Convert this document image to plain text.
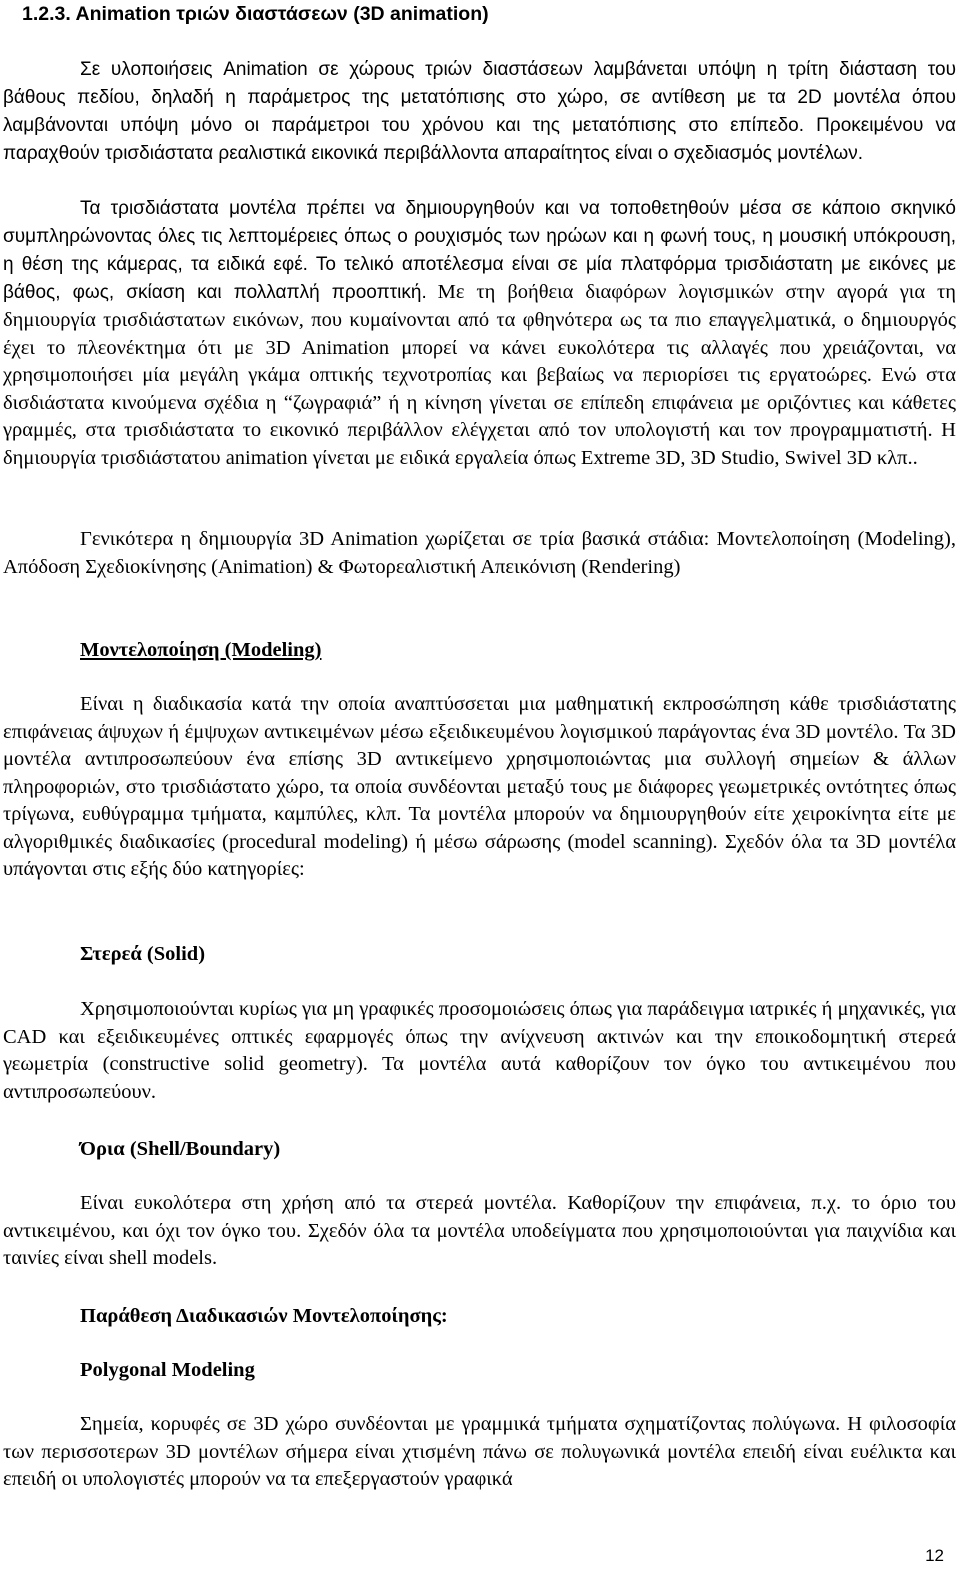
1.2.3. Animation τριών διαστάσεων (3D animation)

Σε υλοποιήσεις Animation σε χώρους τριών διαστάσεων λαμβάνεται υπόψη η τρίτη διάσταση του βάθους πεδίου, δηλαδή η παράμετρος της μετατόπισης στο χώρο, σε αντίθεση με τα 2D μοντέλα όπου λαμβάνονται υπόψη μόνο οι παράμετροι του χρόνου και της μετατόπισης στο επίπεδο. Προκειμένου να παραχθούν τρισδιάστατα ρεαλιστικά εικονικά περιβάλλοντα απαραίτητος είναι ο σχεδιασμός μοντέλων.

Τα τρισδιάστατα μοντέλα πρέπει να δημιουργηθούν και να τοποθετηθούν μέσα σε κάποιο σκηνικό συμπληρώνοντας όλες τις λεπτομέρειες όπως ο ρουχισμός των ηρώων και η φωνή τους, η μουσική υπόκρουση, η θέση της κάμερας, τα ειδικά εφέ. Το τελικό αποτέλεσμα είναι σε μία πλατφόρμα τρισδιάστατη με εικόνες με βάθος, φως, σκίαση και πολλαπλή προοπτική. Με τη βοήθεια διαφόρων λογισμικών στην αγορά για τη δημιουργία τρισδιάστατων εικόνων, που κυμαίνονται από τα φθηνότερα ως τα πιο επαγγελματικά, ο δημιουργός έχει το πλεονέκτημα ότι με 3D Animation μπορεί να κάνει ευκολότερα τις αλλαγές που χρειάζονται, να χρησιμοποιήσει μία μεγάλη γκάμα οπτικής τεχνοτροπίας και βεβαίως να περιορίσει τις εργατοώρες. Ενώ στα δισδιάστατα κινούμενα σχέδια η “ζωγραφιά” ή η κίνηση γίνεται σε επίπεδη επιφάνεια με οριζόντιες και κάθετες γραμμές, στα τρισδιάστατα το εικονικό περιβάλλον ελέγχεται από τον υπολογιστή και τον προγραμματιστή. Η δημιουργία τρισδιάστατου animation γίνεται με ειδικά εργαλεία όπως Extreme 3D, 3D Studio, Swivel 3D κλπ..

Γενικότερα η δημιουργία 3D Animation χωρίζεται σε τρία βασικά στάδια: Μοντελοποίηση (Modeling), Απόδοση Σχεδιοκίνησης (Animation) & Φωτορεαλιστική Απεικόνιση (Rendering)

Μοντελοποίηση (Modeling)

Είναι η διαδικασία κατά την οποία αναπτύσσεται μια μαθηματική εκπροσώπηση κάθε τρισδιάστατης επιφάνειας άψυχων ή έμψυχων αντικειμένων μέσω εξειδικευμένου λογισμικού παράγοντας ένα 3D μοντέλο. Τα 3D μοντέλα αντιπροσωπεύουν ένα επίσης 3D αντικείμενο χρησιμοποιώντας μια συλλογή σημείων & άλλων πληροφοριών, στο τρισδιάστατο χώρο, τα οποία συνδέονται μεταξύ τους με διάφορες γεωμετρικές οντότητες όπως τρίγωνα, ευθύγραμμα τμήματα, καμπύλες, κλπ. Τα μοντέλα μπορούν να δημιουργηθούν είτε χειροκίνητα είτε με αλγοριθμικές διαδικασίες (procedural modeling) ή μέσω σάρωσης (model scanning). Σχεδόν όλα τα 3D μοντέλα υπάγονται στις εξής δύο κατηγορίες:

Στερεά (Solid)

Χρησιμοποιούνται κυρίως για μη γραφικές προσομοιώσεις όπως για παράδειγμα ιατρικές ή μηχανικές, για CAD και εξειδικευμένες οπτικές εφαρμογές όπως την ανίχνευση ακτινών και την εποικοδομητική στερεά γεωμετρία (constructive solid geometry). Τα μοντέλα αυτά καθορίζουν τον όγκο του αντικειμένου που αντιπροσωπεύουν.

Όρια (Shell/Boundary)

Είναι ευκολότερα στη χρήση από τα στερεά μοντέλα. Καθορίζουν την επιφάνεια, π.χ. το όριο του αντικειμένου, και όχι τον όγκο του. Σχεδόν όλα τα μοντέλα υποδείγματα που χρησιμοποιούνται για παιχνίδια και ταινίες είναι shell models.

Παράθεση Διαδικασιών Μοντελοποίησης:
Polygonal Modeling

Σημεία, κορυφές σε 3D χώρο συνδέονται με γραμμικά τμήματα σχηματίζοντας πολύγωνα. Η φιλοσοφία των περισσοτερων 3D μοντέλων σήμερα είναι χτισμένη πάνω σε πολυγωνικά μοντέλα επειδή είναι ευέλικτα και επειδή οι υπολογιστές μπορούν να τα επεξεργαστούν γραφικά

12
